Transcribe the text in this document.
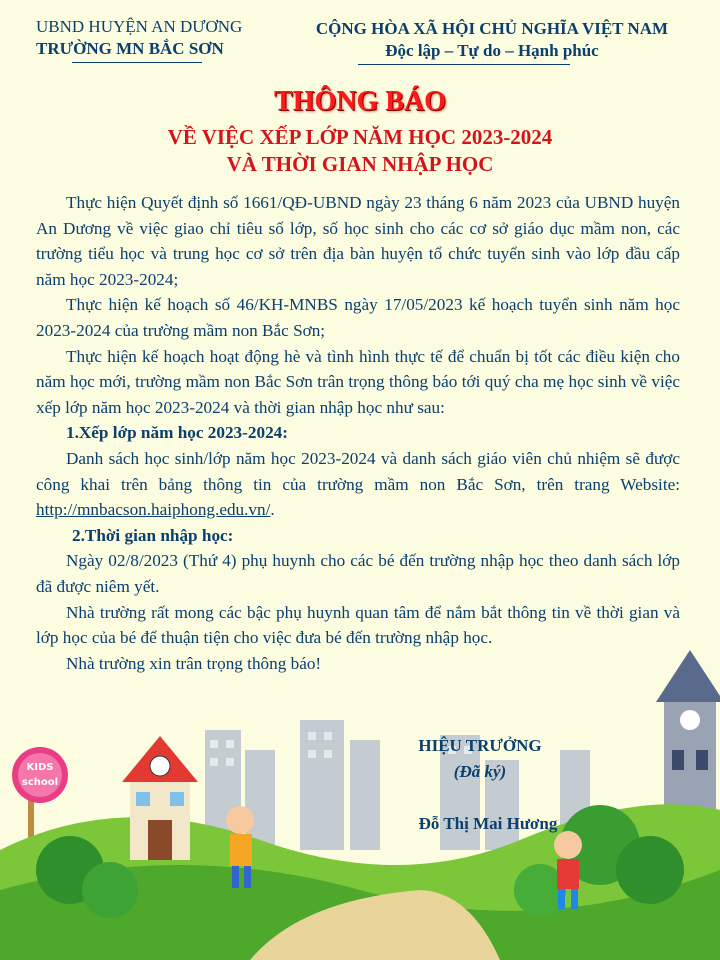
UBND HUYỆN AN DƯƠNG
TRƯỜNG MN BẮC SƠN
CỘNG HÒA XÃ HỘI CHỦ NGHĨA VIỆT NAM
Độc lập – Tự do – Hạnh phúc
THÔNG BÁO
VỀ VIỆC XẾP LỚP NĂM HỌC 2023-2024
VÀ THỜI GIAN NHẬP HỌC

Thực hiện Quyết định số 1661/QĐ-UBND ngày 23 tháng 6 năm 2023 của UBND huyện An Dương về việc giao chỉ tiêu số lớp, số học sinh cho các cơ sở giáo dục mầm non, các trường tiểu học và trung học cơ sở trên địa bàn huyện tổ chức tuyển sinh vào lớp đầu cấp năm học 2023-2024;

Thực hiện kế hoạch số 46/KH-MNBS ngày 17/05/2023 kế hoạch tuyển sinh năm học 2023-2024 của trường mầm non Bắc Sơn;

Thực hiện kế hoạch hoạt động hè và tình hình thực tế để chuẩn bị tốt các điều kiện cho năm học mới, trường mầm non Bắc Sơn trân trọng thông báo tới quý cha mẹ học sinh về việc xếp lớp năm học 2023-2024 và thời gian nhập học như sau:

1.Xếp lớp năm học 2023-2024:

Danh sách học sinh/lớp năm học 2023-2024 và danh sách giáo viên chủ nhiệm sẽ được công khai trên bảng thông tin của trường mầm non Bắc Sơn, trên trang Website: http://mnbacson.haiphong.edu.vn/.

2.Thời gian nhập học:

Ngày 02/8/2023 (Thứ 4) phụ huynh cho các bé đến trường nhập học theo danh sách lớp đã được niêm yết.

Nhà trường rất mong các bậc phụ huynh quan tâm để nắm bắt thông tin về thời gian và lớp học của bé để thuận tiện cho việc đưa bé đến trường nhập học.

Nhà trường xin trân trọng thông báo!

KIDS
school
HIỆU TRƯỞNG
(Đã ký)
Đỗ Thị Mai Hương
